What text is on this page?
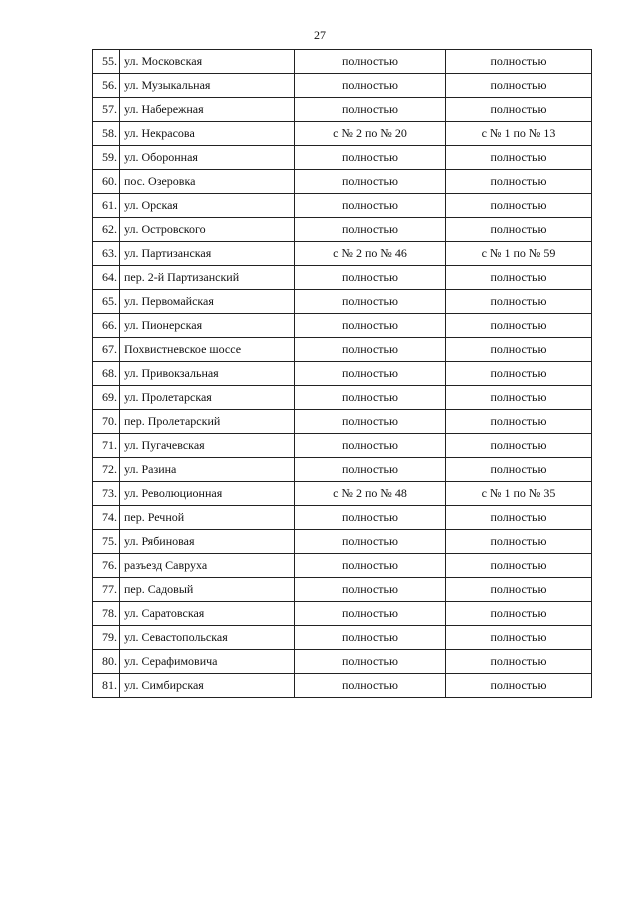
27
55.	ул. Московская	полностью	полностью
56.	ул. Музыкальная	полностью	полностью
57.	ул. Набережная	полностью	полностью
58.	ул. Некрасова	с № 2 по № 20	с № 1 по № 13
59.	ул. Оборонная	полностью	полностью
60.	пос. Озеровка	полностью	полностью
61.	ул. Орская	полностью	полностью
62.	ул. Островского	полностью	полностью
63.	ул. Партизанская	с № 2 по № 46	с № 1 по № 59
64.	пер. 2-й Партизанский	полностью	полностью
65.	ул. Первомайская	полностью	полностью
66.	ул. Пионерская	полностью	полностью
67.	Похвистневское шоссе	полностью	полностью
68.	ул. Привокзальная	полностью	полностью
69.	ул. Пролетарская	полностью	полностью
70.	пер. Пролетарский	полностью	полностью
71.	ул. Пугачевская	полностью	полностью
72.	ул. Разина	полностью	полностью
73.	ул. Революционная	с № 2 по № 48	с № 1 по № 35
74.	пер. Речной	полностью	полностью
75.	ул. Рябиновая	полностью	полностью
76.	разъезд Савруха	полностью	полностью
77.	пер. Садовый	полностью	полностью
78.	ул. Саратовская	полностью	полностью
79.	ул. Севастопольская	полностью	полностью
80.	ул. Серафимовича	полностью	полностью
81.	ул. Симбирская	полностью	полностью
